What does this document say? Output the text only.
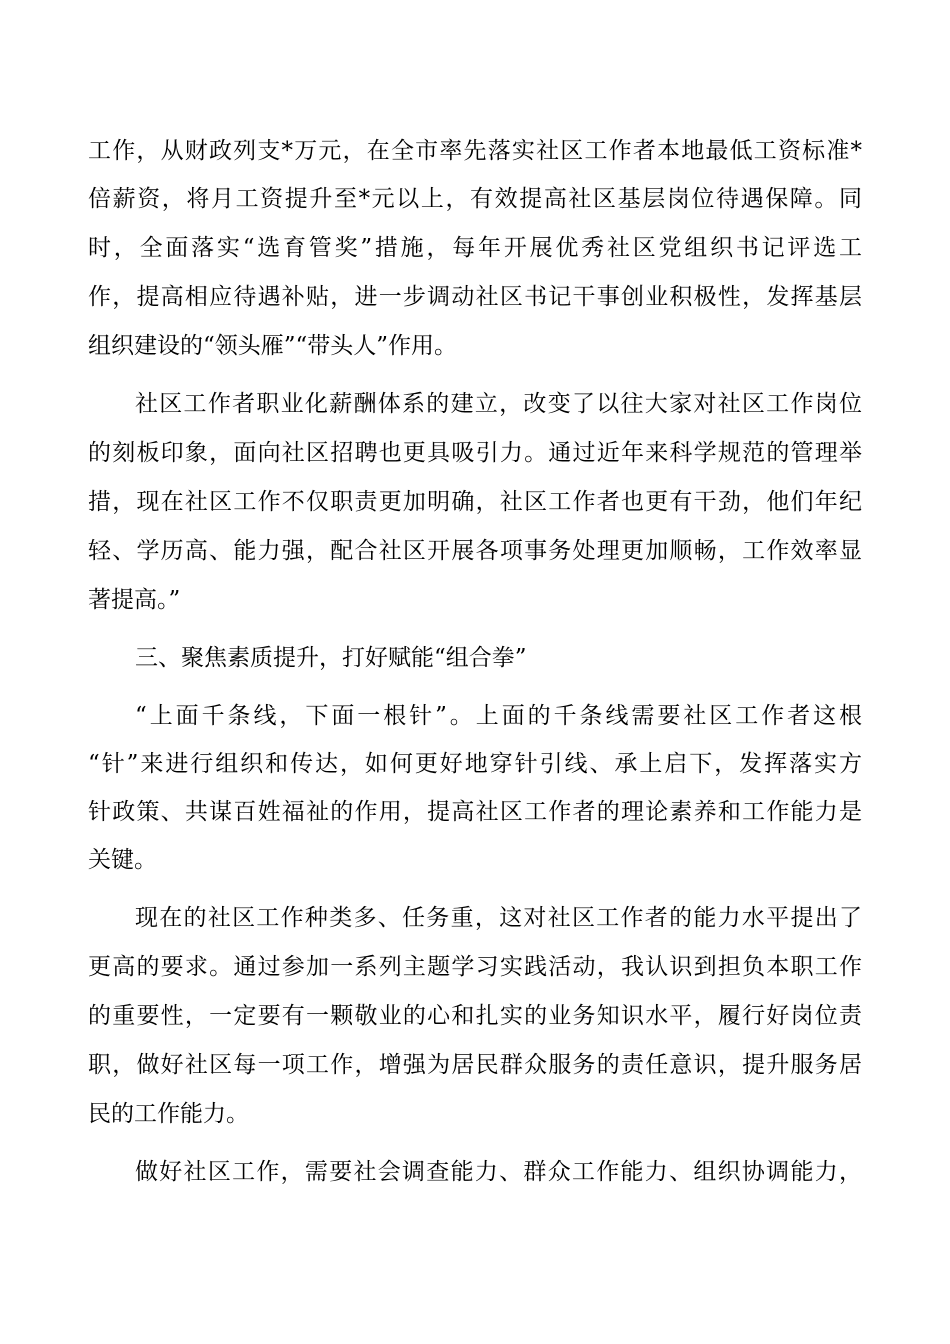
工作，从财政列支*万元，在全市率先落实社区工作者本地最低工资标准*
倍薪资，将月工资提升至*元以上，有效提高社区基层岗位待遇保障。同
时，全面落实“选育管奖”措施，每年开展优秀社区党组织书记评选工
作，提高相应待遇补贴，进一步调动社区书记干事创业积极性，发挥基层
组织建设的“领头雁”“带头人”作用。
社区工作者职业化薪酬体系的建立，改变了以往大家对社区工作岗位
的刻板印象，面向社区招聘也更具吸引力。通过近年来科学规范的管理举
措，现在社区工作不仅职责更加明确，社区工作者也更有干劲，他们年纪
轻、学历高、能力强，配合社区开展各项事务处理更加顺畅，工作效率显
著提高。”
三、聚焦素质提升，打好赋能“组合拳”
“上面千条线，下面一根针”。上面的千条线需要社区工作者这根
“针”来进行组织和传达，如何更好地穿针引线、承上启下，发挥落实方
针政策、共谋百姓福祉的作用，提高社区工作者的理论素养和工作能力是
关键。
现在的社区工作种类多、任务重，这对社区工作者的能力水平提出了
更高的要求。通过参加一系列主题学习实践活动，我认识到担负本职工作
的重要性，一定要有一颗敬业的心和扎实的业务知识水平，履行好岗位责
职，做好社区每一项工作，增强为居民群众服务的责任意识，提升服务居
民的工作能力。
做好社区工作，需要社会调查能力、群众工作能力、组织协调能力，
